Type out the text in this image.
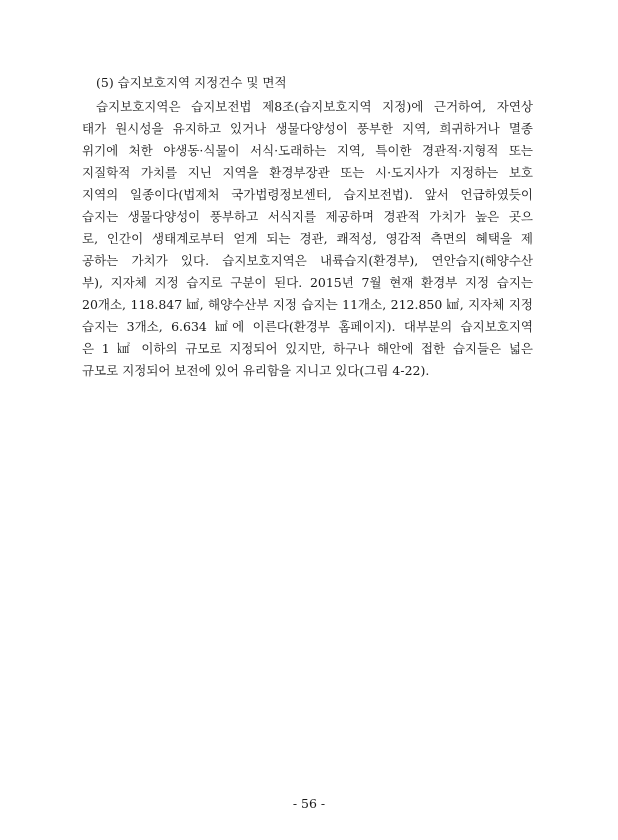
(5) 습지보호지역 지정건수 및 면적
습지보호지역은 습지보전법 제8조(습지보호지역 지정)에 근거하여, 자연상
태가 원시성을 유지하고 있거나 생물다양성이 풍부한 지역, 희귀하거나 멸종
위기에 처한 야생동·식물이 서식·도래하는 지역, 특이한 경관적·지형적 또는
지질학적 가치를 지닌 지역을 환경부장관 또는 시·도지사가 지정하는 보호
지역의 일종이다(법제처 국가법령정보센터, 습지보전법). 앞서 언급하였듯이
습지는 생물다양성이 풍부하고 서식지를 제공하며 경관적 가치가 높은 곳으
로, 인간이 생태계로부터 얻게 되는 경관, 쾌적성, 영감적 측면의 혜택을 제
공하는 가치가 있다. 습지보호지역은 내륙습지(환경부), 연안습지(해양수산
부), 지자체 지정 습지로 구분이 된다. 2015년 7월 현재 환경부 지정 습지는
20개소, 118.847 ㎢, 해양수산부 지정 습지는 11개소, 212.850 ㎢, 지자체 지정
습지는 3개소, 6.634 ㎢에 이른다(환경부 홈페이지). 대부분의 습지보호지역
은 1 ㎢ 이하의 규모로 지정되어 있지만, 하구나 해안에 접한 습지들은 넓은
규모로 지정되어 보전에 있어 유리함을 지니고 있다(그림 4-22).
- 56 -
